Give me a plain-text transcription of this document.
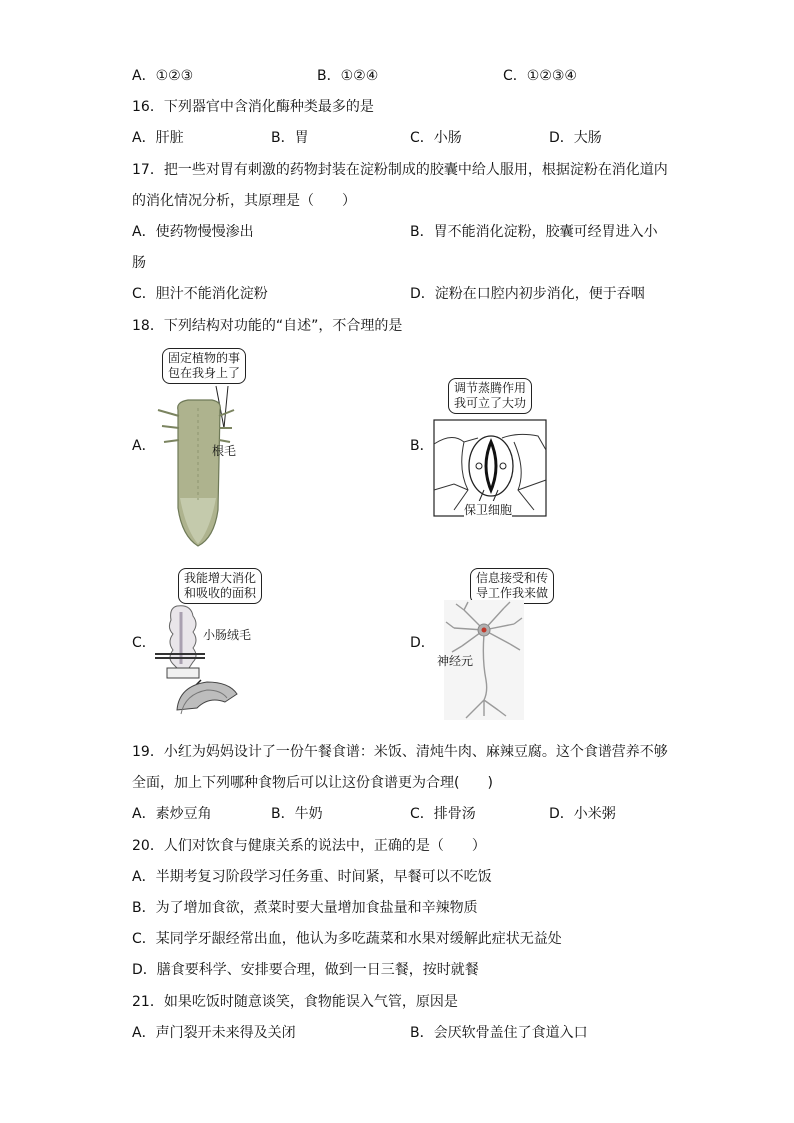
A．①②③	B．①②④	C．①②③④
16．下列器官中含消化酶种类最多的是
A．肝脏	B．胃	C．小肠	D．大肠
17．把一些对胃有刺激的药物封装在淀粉制成的胶囊中给人服用，根据淀粉在消化道内
的消化情况分析，其原理是（　　）
A．使药物慢慢渗出	B．胃不能消化淀粉，胶囊可经胃进入小
肠
C．胆汁不能消化淀粉	D．淀粉在口腔内初步消化，便于吞咽
18．下列结构对功能的“自述”，不合理的是
A．
固定植物的事
包在我身上了
根毛	B．
调节蒸腾作用
我可立了大功
保卫细胞
C．
我能增大消化
和吸收的面积
小肠绒毛	D．
信息接受和传
导工作我来做
神经元
19．小红为妈妈设计了一份午餐食谱：米饭、清炖牛肉、麻辣豆腐。这个食谱营养不够
全面，加上下列哪种食物后可以让这份食谱更为合理(　　)
A．素炒豆角	B．牛奶	C．排骨汤	D．小米粥
20．人们对饮食与健康关系的说法中，正确的是（　　）
A．半期考复习阶段学习任务重、时间紧，早餐可以不吃饭
B．为了增加食欲，煮菜时要大量增加食盐量和辛辣物质
C．某同学牙龈经常出血，他认为多吃蔬菜和水果对缓解此症状无益处
D．膳食要科学、安排要合理，做到一日三餐，按时就餐
21．如果吃饭时随意谈笑，食物能误入气管，原因是
A．声门裂开未来得及关闭	B．会厌软骨盖住了食道入口
